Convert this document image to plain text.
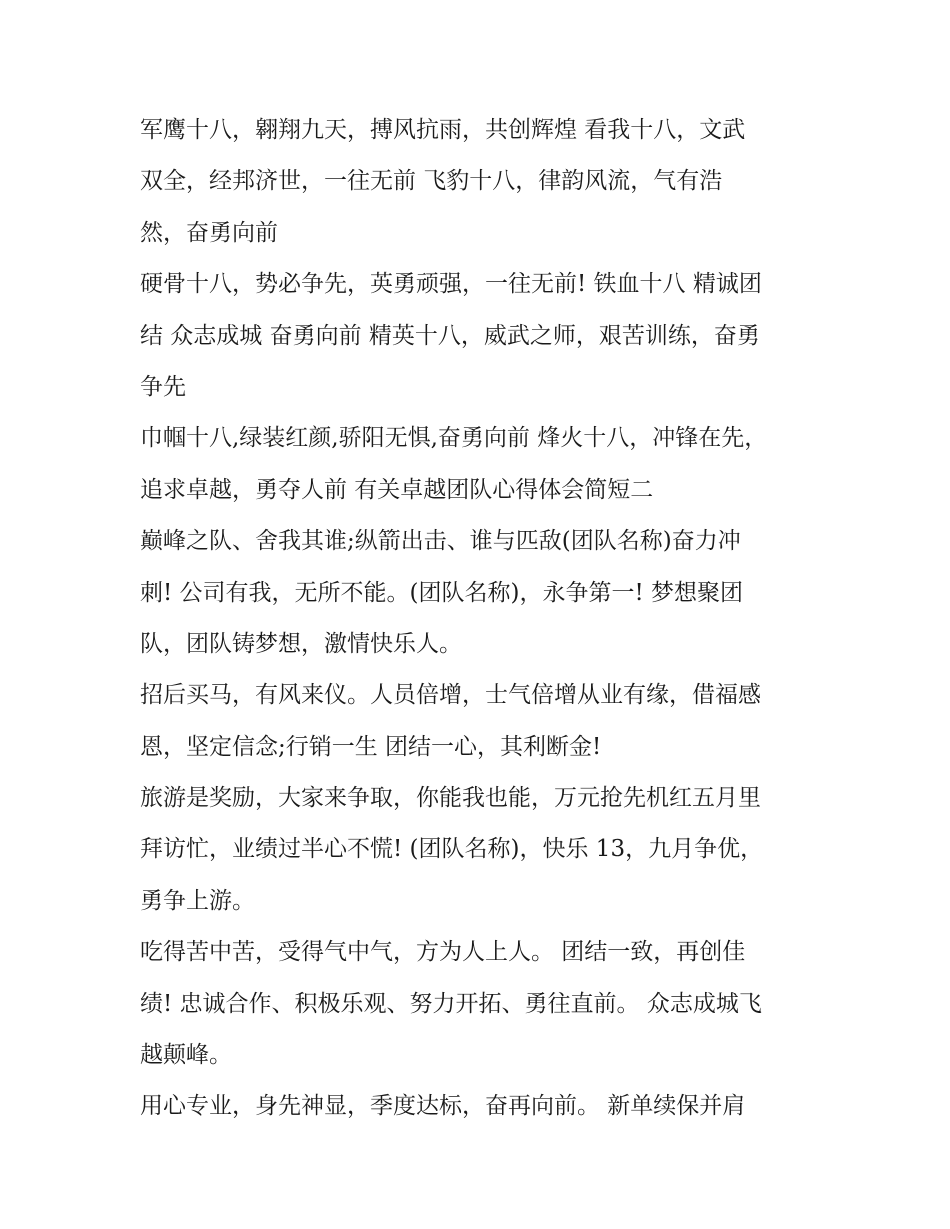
军鹰十八，翱翔九天，搏风抗雨，共创辉煌 看我十八，文武
双全，经邦济世，一往无前 飞豹十八，律韵风流，气有浩
然，奋勇向前
硬骨十八，势必争先，英勇顽强，一往无前! 铁血十八 精诚团
结 众志成城 奋勇向前 精英十八，威武之师，艰苦训练，奋勇
争先
巾帼十八,绿装红颜,骄阳无惧,奋勇向前 烽火十八，冲锋在先，
追求卓越，勇夺人前 有关卓越团队心得体会简短二
巅峰之队、舍我其谁;纵箭出击、谁与匹敌(团队名称)奋力冲
刺! 公司有我，无所不能。(团队名称)，永争第一! 梦想聚团
队，团队铸梦想，激情快乐人。
招后买马，有风来仪。人员倍增，士气倍增从业有缘，借福感
恩，坚定信念;行销一生 团结一心，其利断金!
旅游是奖励，大家来争取，你能我也能，万元抢先机红五月里
拜访忙，业绩过半心不慌! (团队名称)，快乐 13，九月争优，
勇争上游。
吃得苦中苦，受得气中气，方为人上人。 团结一致，再创佳
绩! 忠诚合作、积极乐观、努力开拓、勇往直前。 众志成城飞
越颠峰。
用心专业，身先神显，季度达标，奋再向前。 新单续保并肩
